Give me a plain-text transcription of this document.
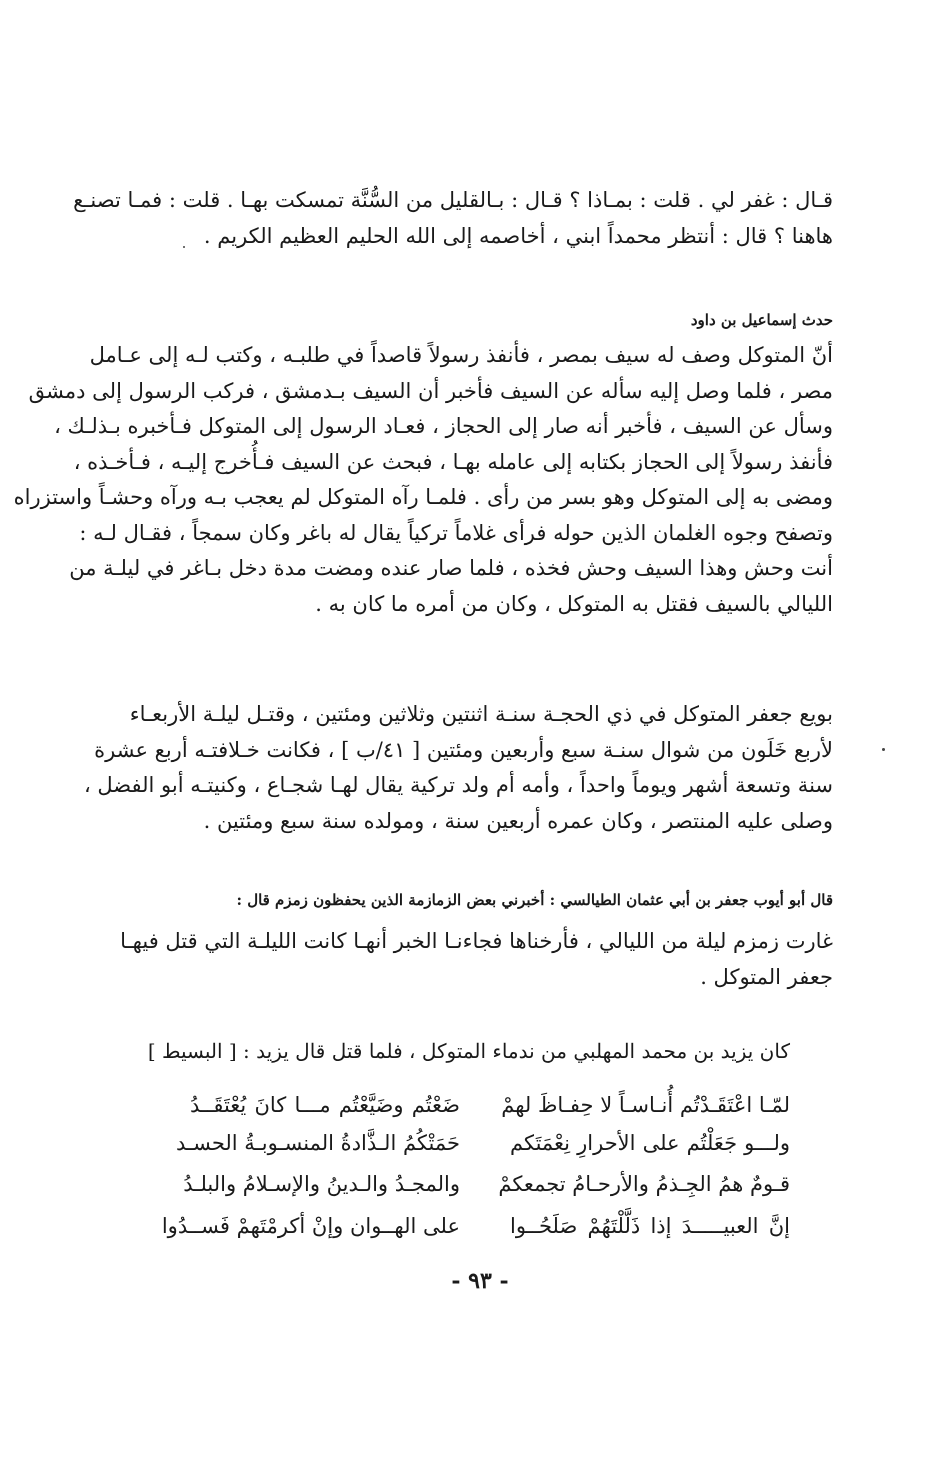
قـال : غفر لي . قلت : بمـاذا ؟ قـال : بـالقليل من السُّنَّة تمسكت بهـا . قلت : فمـا تصنـع
هاهنا ؟ قال : أنتظر محمداً ابني ، أخاصمه إلى الله الحليم العظيم الكريم .
حدث إسماعيل بن داود
أنّ المتوكل وصف له سيف بمصر ، فأنفذ رسولاً قاصداً في طلبـه ، وكتب لـه إلى عـامل
مصر ، فلما وصل إليه سأله عن السيف فأخبر أن السيف بـدمشق ، فركب الرسول إلى دمشق
وسأل عن السيف ، فأخبر أنه صار إلى الحجاز ، فعـاد الرسول إلى المتوكل فـأخبره بـذلـك ،
فأنفذ رسولاً إلى الحجاز بكتابه إلى عامله بهـا ، فبحث عن السيف فـأُخرج إليـه ، فـأخـذه ،
ومضى به إلى المتوكل وهو بسر من رأى . فلمـا رآه المتوكل لم يعجب بـه ورآه وحشـاً واستزراه
وتصفح وجوه الغلمان الذين حوله فرأى غلاماً تركياً يقال له باغر وكان سمجاً ، فقـال لـه :
أنت وحش وهذا السيف وحش فخذه ، فلما صار عنده ومضت مدة دخل بـاغر في ليلـة من
الليالي بالسيف فقتل به المتوكل ، وكان من أمره ما كان به .
بويع جعفر المتوكل في ذي الحجـة سنـة اثنتين وثلاثين ومئتين ، وقتـل ليلـة الأربعـاء
لأربع خَلَون من شوال سنـة سبع وأربعين ومئتين [ ٤١/ب ] ، فكانت خـلافتـه أربع عشرة
سنة وتسعة أشهر ويوماً واحداً ، وأمه أم ولد تركية يقال لهـا شجـاع ، وكنيتـه أبو الفضل ،
وصلى عليه المنتصر ، وكان عمره أربعين سنة ، ومولده سنة سبع ومئتين .
قال أبو أيوب جعفر بن أبي عثمان الطيالسي : أخبرني بعض الزمازمة الذين يحفظون زمزم قال :
غارت زمزم ليلة من الليالي ، فأرخناها فجاءنـا الخبر أنهـا كانت الليلـة التي قتل فيهـا
جعفر المتوكل .
كان يزيد بن محمد المهلبي من ندماء المتوكل ، فلما قتل قال يزيد : [ البسيط ]
لمّـا اعْتَقَـدْتُم أُنـاسـاً لا حِفـاظَ لهمْ
ضَعْتُم وضَيَّعْتُم مـــا كانَ يُعْتَقَــدُ
ولـــو جَعَلْتُم على الأحرارِ نِعْمَتَكم
حَمَتْكُمُ الـذَّادةُ المنسـوبـةُ الحسـد
قـومٌ همُ الجِـذمُ والأرحـامُ تجمعكمْ
والمجـدُ والـدينُ والإسـلامُ والبلـدُ
إنَّ العبيـــــدَ إذا ذَلَّلْتَهُمْ صَلَحُــوا
على الهــوان وإنْ أكرمْتَهمْ فَســدُوا
- ٩٣ -
